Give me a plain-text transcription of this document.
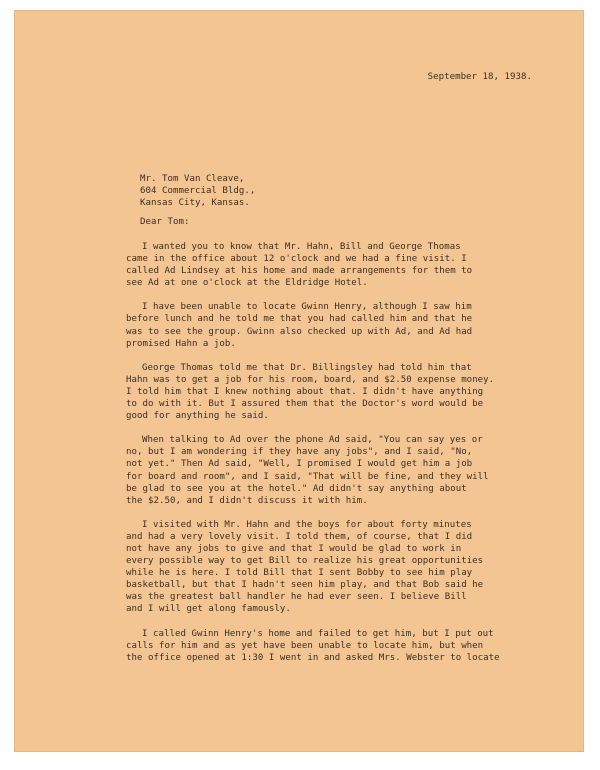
September 18, 1938.
Mr. Tom Van Cleave,
604 Commercial Bldg.,
Kansas City, Kansas.
Dear Tom:
I wanted you to know that Mr. Hahn, Bill and George Thomas
came in the office about 12 o'clock and we had a fine visit. I
called Ad Lindsey at his home and made arrangements for them to
see Ad at one o'clock at the Eldridge Hotel.
I have been unable to locate Gwinn Henry, although I saw him
before lunch and he told me that you had called him and that he
was to see the group. Gwinn also checked up with Ad, and Ad had
promised Hahn a job.
George Thomas told me that Dr. Billingsley had told him that
Hahn was to get a job for his room, board, and $2.50 expense money.
I told him that I knew nothing about that. I didn't have anything
to do with it. But I assured them that the Doctor's word would be
good for anything he said.
When talking to Ad over the phone Ad said, "You can say yes or
no, but I am wondering if they have any jobs", and I said, "No,
not yet." Then Ad said, "Well, I promised I would get him a job
for board and room", and I said, "That will be fine, and they will
be glad to see you at the hotel." Ad didn't say anything about
the $2.50, and I didn't discuss it with him.
I visited with Mr. Hahn and the boys for about forty minutes
and had a very lovely visit. I told them, of course, that I did
not have any jobs to give and that I would be glad to work in
every possible way to get Bill to realize his great opportunities
while he is here. I told Bill that I sent Bobby to see him play
basketball, but that I hadn't seen him play, and that Bob said he
was the greatest ball handler he had ever seen. I believe Bill
and I will get along famously.
I called Gwinn Henry's home and failed to get him, but I put out
calls for him and as yet have been unable to locate him, but when
the office opened at 1:30 I went in and asked Mrs. Webster to locate
